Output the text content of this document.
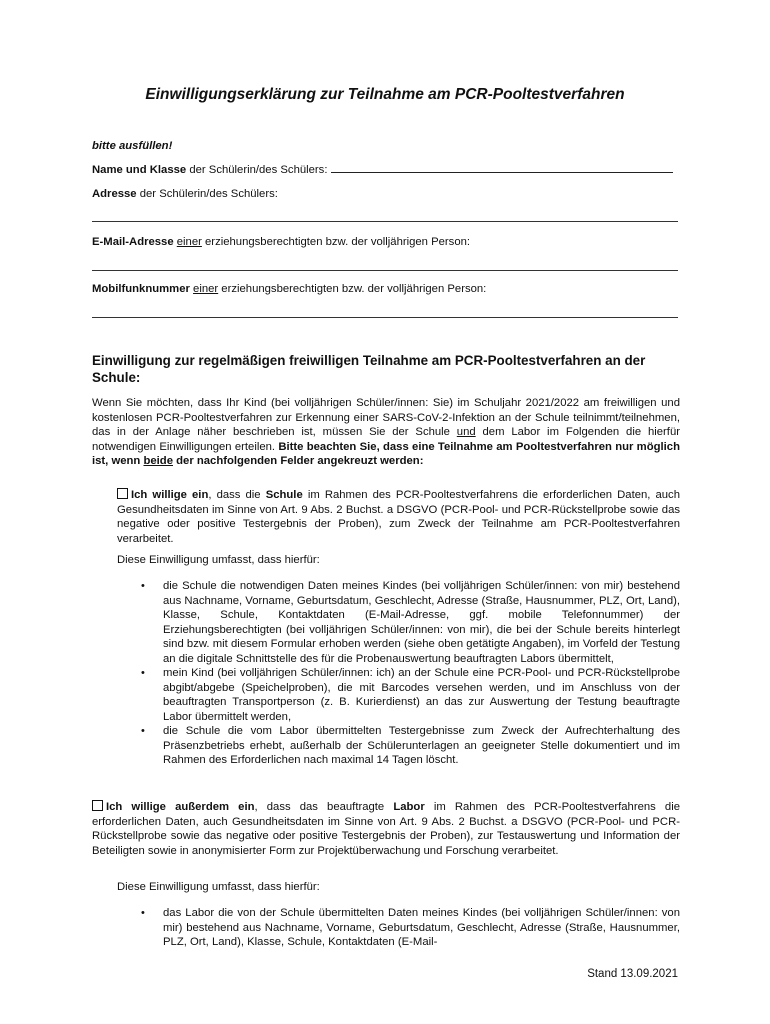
Einwilligungserklärung zur Teilnahme am PCR-Pooltestverfahren
bitte ausfüllen!
Name und Klasse der Schülerin/des Schülers:
Adresse der Schülerin/des Schülers:
E-Mail-Adresse einer erziehungsberechtigten bzw. der volljährigen Person:
Mobilfunknummer einer erziehungsberechtigten bzw. der volljährigen Person:
Einwilligung zur regelmäßigen freiwilligen Teilnahme am PCR-Pooltestverfahren an der Schule:
Wenn Sie möchten, dass Ihr Kind (bei volljährigen Schüler/innen: Sie) im Schuljahr 2021/2022 am freiwilligen und kostenlosen PCR-Pooltestverfahren zur Erkennung einer SARS-CoV-2-Infektion an der Schule teilnimmt/teilnehmen, das in der Anlage näher beschrieben ist, müssen Sie der Schule und dem Labor im Folgenden die hierfür notwendigen Einwilligungen erteilen. Bitte beachten Sie, dass eine Teilnahme am Pooltestverfahren nur möglich ist, wenn beide der nachfolgenden Felder angekreuzt werden:
Ich willige ein, dass die Schule im Rahmen des PCR-Pooltestverfahrens die erforderlichen Daten, auch Gesundheitsdaten im Sinne von Art. 9 Abs. 2 Buchst. a DSGVO (PCR-Pool- und PCR-Rückstellprobe sowie das negative oder positive Testergebnis der Proben), zum Zweck der Teilnahme am PCR-Pooltestverfahren verarbeitet.
Diese Einwilligung umfasst, dass hierfür:
• die Schule die notwendigen Daten meines Kindes (bei volljährigen Schüler/innen: von mir) bestehend aus Nachname, Vorname, Geburtsdatum, Geschlecht, Adresse (Straße, Hausnummer, PLZ, Ort, Land), Klasse, Schule, Kontaktdaten (E-Mail-Adresse, ggf. mobile Telefonnummer) der Erziehungsberechtigten (bei volljährigen Schüler/innen: von mir), die bei der Schule bereits hinterlegt sind bzw. mit diesem Formular erhoben werden (siehe oben getätigte Angaben), im Vorfeld der Testung an die digitale Schnittstelle des für die Probenauswertung beauftragten Labors übermittelt,
• mein Kind (bei volljährigen Schüler/innen: ich) an der Schule eine PCR-Pool- und PCR-Rückstellprobe abgibt/abgebe (Speichelproben), die mit Barcodes versehen werden, und im Anschluss von der beauftragten Transportperson (z. B. Kurierdienst) an das zur Auswertung der Testung beauftragte Labor übermittelt werden,
• die Schule die vom Labor übermittelten Testergebnisse zum Zweck der Aufrechterhaltung des Präsenzbetriebs erhebt, außerhalb der Schülerunterlagen an geeigneter Stelle dokumentiert und im Rahmen des Erforderlichen nach maximal 14 Tagen löscht.
Ich willige außerdem ein, dass das beauftragte Labor im Rahmen des PCR-Pooltestverfahrens die erforderlichen Daten, auch Gesundheitsdaten im Sinne von Art. 9 Abs. 2 Buchst. a DSGVO (PCR-Pool- und PCR-Rückstellprobe sowie das negative oder positive Testergebnis der Proben), zur Testauswertung und Information der Beteiligten sowie in anonymisierter Form zur Projektüberwachung und Forschung verarbeitet.
Diese Einwilligung umfasst, dass hierfür:
• das Labor die von der Schule übermittelten Daten meines Kindes (bei volljährigen Schüler/innen: von mir) bestehend aus Nachname, Vorname, Geburtsdatum, Geschlecht, Adresse (Straße, Hausnummer, PLZ, Ort, Land), Klasse, Schule, Kontaktdaten (E-Mail-
Stand 13.09.2021
